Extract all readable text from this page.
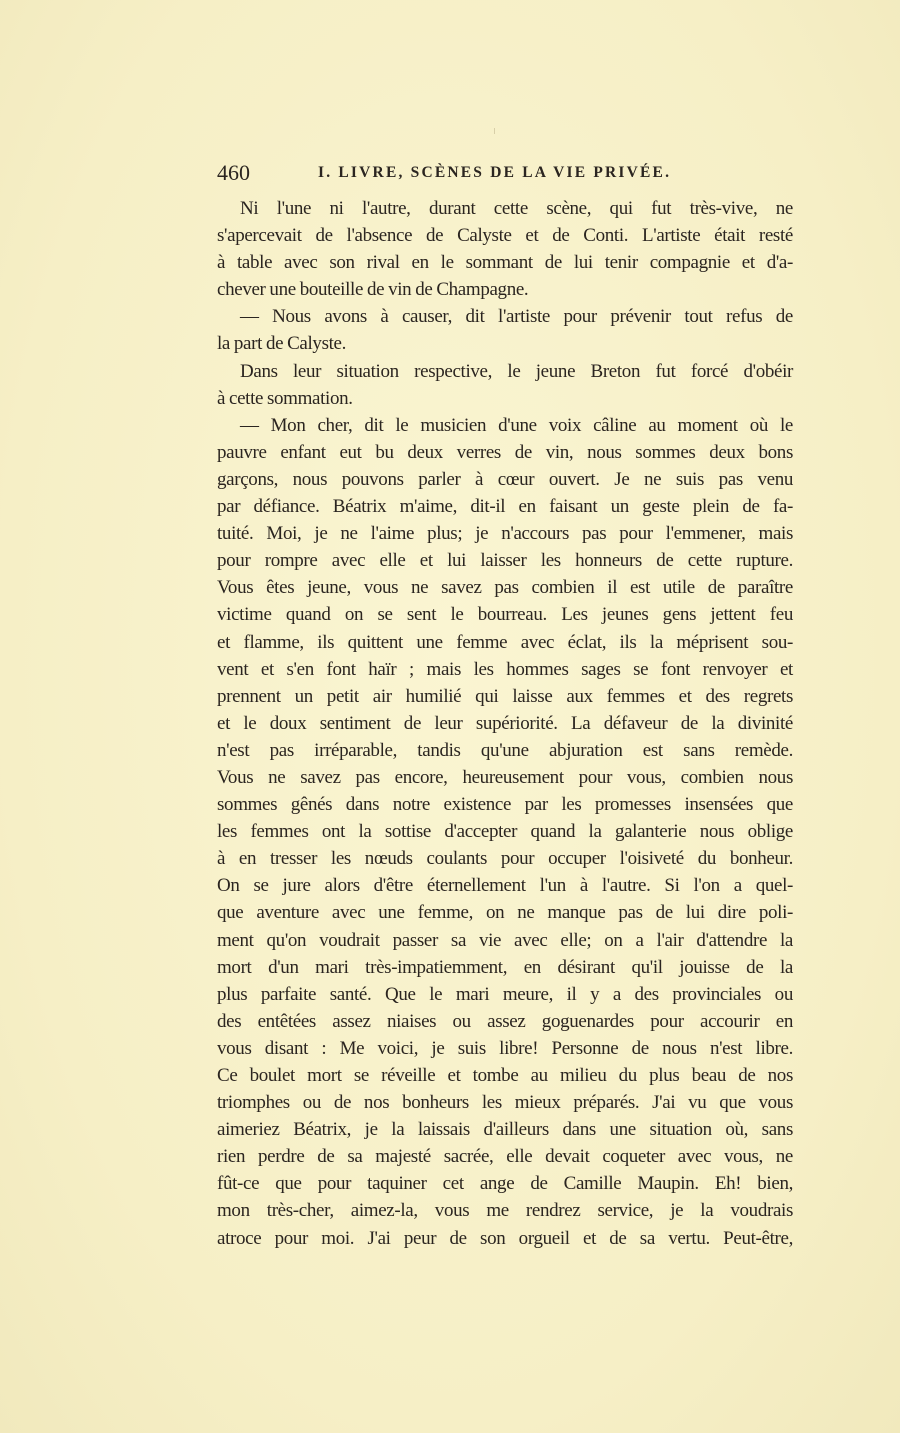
460	I. LIVRE, SCÈNES DE LA VIE PRIVÉE.
Ni l'une ni l'autre, durant cette scène, qui fut très-vive, ne
s'apercevait de l'absence de Calyste et de Conti. L'artiste était resté
à table avec son rival en le sommant de lui tenir compagnie et d'a-
chever une bouteille de vin de Champagne.
— Nous avons à causer, dit l'artiste pour prévenir tout refus de
la part de Calyste.
Dans leur situation respective, le jeune Breton fut forcé d'obéir
à cette sommation.
— Mon cher, dit le musicien d'une voix câline au moment où le
pauvre enfant eut bu deux verres de vin, nous sommes deux bons
garçons, nous pouvons parler à cœur ouvert. Je ne suis pas venu
par défiance. Béatrix m'aime, dit-il en faisant un geste plein de fa-
tuité. Moi, je ne l'aime plus; je n'accours pas pour l'emmener, mais
pour rompre avec elle et lui laisser les honneurs de cette rupture.
Vous êtes jeune, vous ne savez pas combien il est utile de paraître
victime quand on se sent le bourreau. Les jeunes gens jettent feu
et flamme, ils quittent une femme avec éclat, ils la méprisent sou-
vent et s'en font haïr ; mais les hommes sages se font renvoyer et
prennent un petit air humilié qui laisse aux femmes et des regrets
et le doux sentiment de leur supériorité. La défaveur de la divinité
n'est pas irréparable, tandis qu'une abjuration est sans remède.
Vous ne savez pas encore, heureusement pour vous, combien nous
sommes gênés dans notre existence par les promesses insensées que
les femmes ont la sottise d'accepter quand la galanterie nous oblige
à en tresser les nœuds coulants pour occuper l'oisiveté du bonheur.
On se jure alors d'être éternellement l'un à l'autre. Si l'on a quel-
que aventure avec une femme, on ne manque pas de lui dire poli-
ment qu'on voudrait passer sa vie avec elle; on a l'air d'attendre la
mort d'un mari très-impatiemment, en désirant qu'il jouisse de la
plus parfaite santé. Que le mari meure, il y a des provinciales ou
des entêtées assez niaises ou assez goguenardes pour accourir en
vous disant : Me voici, je suis libre! Personne de nous n'est libre.
Ce boulet mort se réveille et tombe au milieu du plus beau de nos
triomphes ou de nos bonheurs les mieux préparés. J'ai vu que vous
aimeriez Béatrix, je la laissais d'ailleurs dans une situation où, sans
rien perdre de sa majesté sacrée, elle devait coqueter avec vous, ne
fût-ce que pour taquiner cet ange de Camille Maupin. Eh! bien,
mon très-cher, aimez-la, vous me rendrez service, je la voudrais
atroce pour moi. J'ai peur de son orgueil et de sa vertu. Peut-être,
